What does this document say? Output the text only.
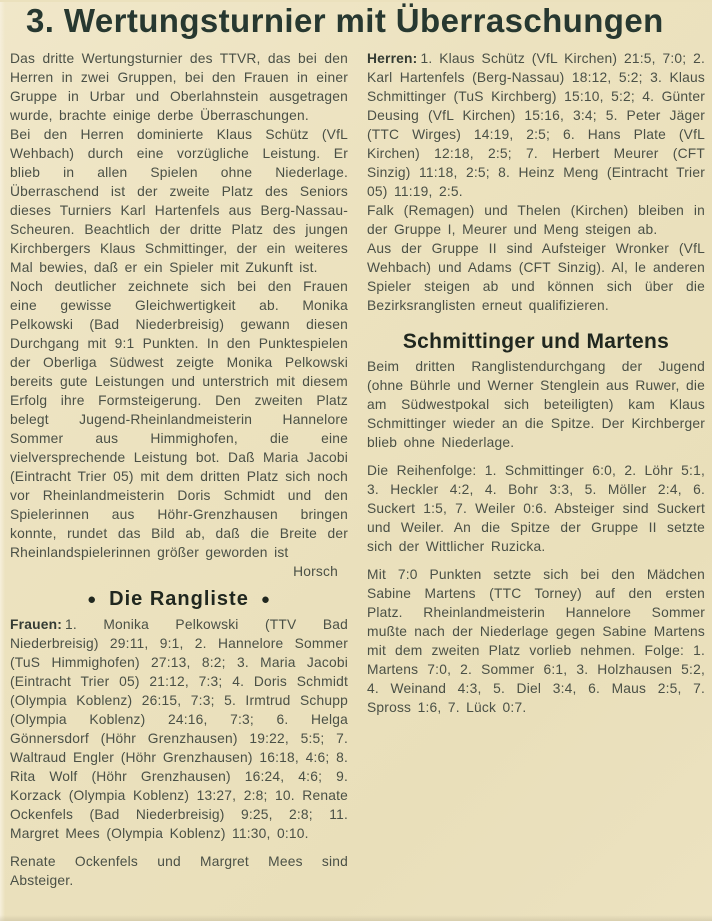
3. Wertungsturnier mit Überraschungen

Das dritte Wertungsturnier des TTVR, das bei den Herren in zwei Gruppen, bei den Frauen in einer Gruppe in Urbar und Oberlahnstein ausgetragen wurde, brachte einige derbe Überraschungen.

Bei den Herren dominierte Klaus Schütz (VfL Wehbach) durch eine vorzügliche Leistung. Er blieb in allen Spielen ohne Niederlage. Überraschend ist der zweite Platz des Seniors dieses Turniers Karl Hartenfels aus Berg-Nassau-Scheuren. Beachtlich der dritte Platz des jungen Kirchbergers Klaus Schmittinger, der ein weiteres Mal bewies, daß er ein Spieler mit Zukunft ist.

Noch deutlicher zeichnete sich bei den Frauen eine gewisse Gleichwertigkeit ab. Monika Pelkowski (Bad Niederbreisig) gewann diesen Durchgang mit 9:1 Punkten. In den Punktespielen der Oberliga Südwest zeigte Monika Pelkowski bereits gute Leistungen und unterstrich mit diesem Erfolg ihre Formsteigerung. Den zweiten Platz belegt Jugend-Rheinlandmeisterin Hannelore Sommer aus Himmighofen, die eine vielversprechende Leistung bot. Daß Maria Jacobi (Eintracht Trier 05) mit dem dritten Platz sich noch vor Rheinlandmeisterin Doris Schmidt und den Spielerinnen aus Höhr-Grenzhausen bringen konnte, rundet das Bild ab, daß die Breite der Rheinlandspielerinnen größer geworden ist

Horsch

● Die Rangliste ●

Frauen: 1. Monika Pelkowski (TTV Bad Niederbreisig) 29:11, 9:1, 2. Hannelore Sommer (TuS Himmighofen) 27:13, 8:2; 3. Maria Jacobi (Eintracht Trier 05) 21:12, 7:3; 4. Doris Schmidt (Olympia Koblenz) 26:15, 7:3; 5. Irmtrud Schupp (Olympia Koblenz) 24:16, 7:3; 6. Helga Gönnersdorf (Höhr Grenzhausen) 19:22, 5:5; 7. Waltraud Engler (Höhr Grenzhausen) 16:18, 4:6; 8. Rita Wolf (Höhr Grenzhausen) 16:24, 4:6; 9. Korzack (Olympia Koblenz) 13:27, 2:8; 10. Renate Ockenfels (Bad Niederbreisig) 9:25, 2:8; 11. Margret Mees (Olympia Koblenz) 11:30, 0:10.

Renate Ockenfels und Margret Mees sind Absteiger.

Herren: 1. Klaus Schütz (VfL Kirchen) 21:5, 7:0; 2. Karl Hartenfels (Berg-Nassau) 18:12, 5:2; 3. Klaus Schmittinger (TuS Kirchberg) 15:10, 5:2; 4. Günter Deusing (VfL Kirchen) 15:16, 3:4; 5. Peter Jäger (TTC Wirges) 14:19, 2:5; 6. Hans Plate (VfL Kirchen) 12:18, 2:5; 7. Herbert Meurer (CFT Sinzig) 11:18, 2:5; 8. Heinz Meng (Eintracht Trier 05) 11:19, 2:5.

Falk (Remagen) und Thelen (Kirchen) bleiben in der Gruppe I, Meurer und Meng steigen ab.

Aus der Gruppe II sind Aufsteiger Wronker (VfL Wehbach) und Adams (CFT Sinzig). Al, le anderen Spieler steigen ab und können sich über die Bezirksranglisten erneut qualifizieren.

Schmittinger und Martens

Beim dritten Ranglistendurchgang der Jugend (ohne Bührle und Werner Stenglein aus Ruwer, die am Südwestpokal sich beteiligten) kam Klaus Schmittinger wieder an die Spitze. Der Kirchberger blieb ohne Niederlage.

Die Reihenfolge: 1. Schmittinger 6:0, 2. Löhr 5:1, 3. Heckler 4:2, 4. Bohr 3:3, 5. Möller 2:4, 6. Suckert 1:5, 7. Weiler 0:6. Absteiger sind Suckert und Weiler. An die Spitze der Gruppe II setzte sich der Wittlicher Ruzicka.

Mit 7:0 Punkten setzte sich bei den Mädchen Sabine Martens (TTC Torney) auf den ersten Platz. Rheinlandmeisterin Hannelore Sommer mußte nach der Niederlage gegen Sabine Martens mit dem zweiten Platz vorlieb nehmen. Folge: 1. Martens 7:0, 2. Sommer 6:1, 3. Holzhausen 5:2, 4. Weinand 4:3, 5. Diel 3:4, 6. Maus 2:5, 7. Spross 1:6, 7. Lück 0:7.
